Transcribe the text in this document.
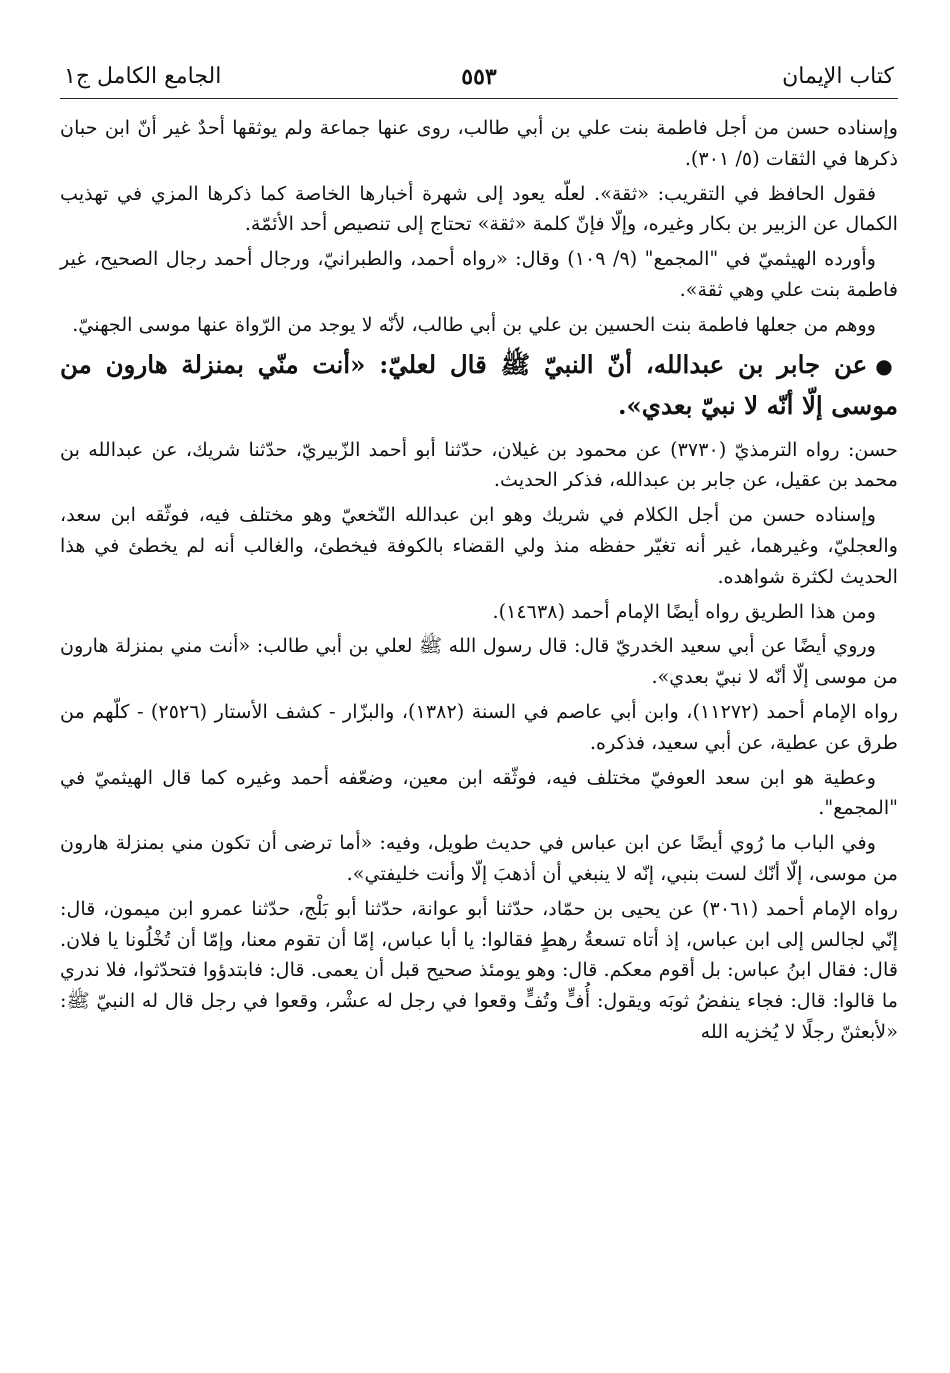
كتاب الإيمان
٥٥٣
الجامع الكامل ج١

وإسناده حسن من أجل فاطمة بنت علي بن أبي طالب، روى عنها جماعة ولم يوثقها أحدٌ غير أنّ ابن حبان ذكرها في الثقات (٥/ ٣٠١).

فقول الحافظ في التقريب: «ثقة». لعلّه يعود إلى شهرة أخبارها الخاصة كما ذكرها المزي في تهذيب الكمال عن الزبير بن بكار وغيره، وإلّا فإنّ كلمة «ثقة» تحتاج إلى تنصيص أحد الأئمّة.

وأورده الهيثميّ في "المجمع" (٩/ ١٠٩) وقال: «رواه أحمد، والطبرانيّ، ورجال أحمد رجال الصحيح، غير فاطمة بنت علي وهي ثقة».

ووهم من جعلها فاطمة بنت الحسين بن علي بن أبي طالب، لأنّه لا يوجد من الرّواة عنها موسى الجهنيّ.

●عن جابر بن عبدالله، أنّ النبيّ ﷺ قال لعليّ: «أنت منّي بمنزلة هارون من موسى إلّا أنّه لا نبيّ بعدي».

حسن: رواه الترمذيّ (٣٧٣٠) عن محمود بن غيلان، حدّثنا أبو أحمد الزّبيريّ، حدّثنا شريك، عن عبدالله بن محمد بن عقيل، عن جابر بن عبدالله، فذكر الحديث.

وإسناده حسن من أجل الكلام في شريك وهو ابن عبدالله النّخعيّ وهو مختلف فيه، فوثّقه ابن سعد، والعجليّ، وغيرهما، غير أنه تغيّر حفظه منذ ولي القضاء بالكوفة فيخطئ، والغالب أنه لم يخطئ في هذا الحديث لكثرة شواهده.

ومن هذا الطريق رواه أيضًا الإمام أحمد (١٤٦٣٨).

وروي أيضًا عن أبي سعيد الخدريّ قال: قال رسول الله ﷺ لعلي بن أبي طالب: «أنت مني بمنزلة هارون من موسى إلّا أنّه لا نبيّ بعدي».

رواه الإمام أحمد (١١٢٧٢)، وابن أبي عاصم في السنة (١٣٨٢)، والبزّار - كشف الأستار (٢٥٢٦) - كلّهم من طرق عن عطية، عن أبي سعيد، فذكره.

وعطية هو ابن سعد العوفيّ مختلف فيه، فوثّقه ابن معين، وضعّفه أحمد وغيره كما قال الهيثميّ في "المجمع".

وفي الباب ما رُوي أيضًا عن ابن عباس في حديث طويل، وفيه: «أما ترضى أن تكون مني بمنزلة هارون من موسى، إلّا أنّك لست بنبي، إنّه لا ينبغي أن أذهبَ إلّا وأنت خليفتي».

رواه الإمام أحمد (٣٠٦١) عن يحيى بن حمّاد، حدّثنا أبو عوانة، حدّثنا أبو بَلْج، حدّثنا عمرو ابن ميمون، قال: إنّي لجالس إلى ابن عباس، إذ أتاه تسعةُ رهطٍ فقالوا: يا أبا عباس، إمّا أن تقوم معنا، وإمّا أن تُخْلُونا يا فلان. قال: فقال ابنُ عباس: بل أقوم معكم. قال: وهو يومئذ صحيح قبل أن يعمى. قال: فابتدؤوا فتحدّثوا، فلا ندري ما قالوا: قال: فجاء ينفضُ ثوبَه ويقول: أُفٍّ وتُفٍّ وقعوا في رجل له عشْر، وقعوا في رجل قال له النبيّ ﷺ: «لأبعثنّ رجلًا لا يُخزيه الله
